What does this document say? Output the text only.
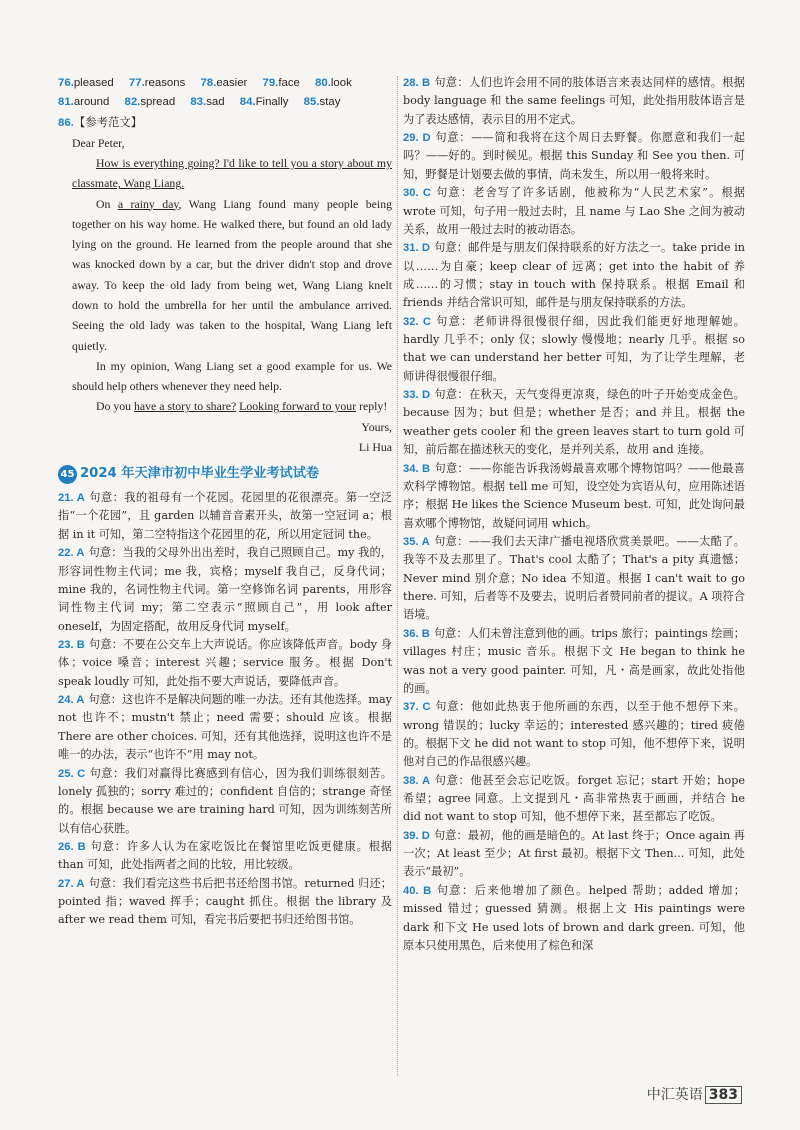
76.pleased 77.reasons 78.easier 79.face 80.look
81.around 82.spread 83.sad 84.Finally 85.stay
86.【参考范文】

Dear Peter,

How is everything going? I'd like to tell you a story about my classmate, Wang Liang.

On a rainy day, Wang Liang found many people being together on his way home. He walked there, but found an old lady lying on the ground. He learned from the people around that she was knocked down by a car, but the driver didn't stop and drove away. To keep the old lady from being wet, Wang Liang knelt down to hold the umbrella for her until the ambulance arrived. Seeing the old lady was taken to the hospital, Wang Liang left quietly.

In my opinion, Wang Liang set a good example for us. We should help others whenever they need help.

Do you have a story to share? Looking forward to your reply!

Yours,

Li Hua

45 2024 年天津市初中毕业生学业考试试卷
21. A 句意：我的祖母有一个花园。花园里的花很漂亮。第一空泛指“一个花园”，且 garden 以辅音音素开头，故第一空冠词 a；根据 in it 可知，第二空特指这个花园里的花，所以用定冠词 the。
22. A 句意：当我的父母外出出差时，我自己照顾自己。my 我的，形容词性物主代词；me 我，宾格；myself 我自己，反身代词；mine 我的，名词性物主代词。第一空修饰名词 parents，用形容词性物主代词 my；第二空表示“照顾自己”，用 look after oneself，为固定搭配，故用反身代词 myself。
23. B 句意：不要在公交车上大声说话。你应该降低声音。body 身体；voice 嗓音；interest 兴趣；service 服务。根据 Don't speak loudly 可知，此处指不要大声说话，要降低声音。
24. A 句意：这也许不是解决问题的唯一办法。还有其他选择。may not 也许不；mustn't 禁止；need 需要；should 应该。根据 There are other choices. 可知，还有其他选择，说明这也许不是唯一的办法，表示“也许不”用 may not。
25. C 句意：我们对赢得比赛感到有信心，因为我们训练很刻苦。lonely 孤独的；sorry 难过的；confident 自信的；strange 奇怪的。根据 because we are training hard 可知，因为训练刻苦所以有信心获胜。
26. B 句意：许多人认为在家吃饭比在餐馆里吃饭更健康。根据 than 可知，此处指两者之间的比较，用比较级。
27. A 句意：我们看完这些书后把书还给图书馆。returned 归还；pointed 指；waved 挥手；caught 抓住。根据 the library 及 after we read them 可知，看完书后要把书归还给图书馆。
28. B 句意：人们也许会用不同的肢体语言来表达同样的感情。根据 body language 和 the same feelings 可知，此处指用肢体语言是为了表达感情，表示目的用不定式。
29. D 句意：——简和我将在这个周日去野餐。你愿意和我们一起吗？——好的。到时候见。根据 this Sunday 和 See you then. 可知，野餐是计划要去做的事情，尚未发生，所以用一般将来时。
30. C 句意：老舍写了许多话剧，他被称为“人民艺术家”。根据 wrote 可知，句子用一般过去时，且 name 与 Lao She 之间为被动关系，故用一般过去时的被动语态。
31. D 句意：邮件是与朋友们保持联系的好方法之一。take pride in 以……为自豪；keep clear of 远离；get into the habit of 养成……的习惯；stay in touch with 保持联系。根据 Email 和 friends 并结合常识可知，邮件是与朋友保持联系的方法。
32. C 句意：老师讲得很慢很仔细，因此我们能更好地理解她。hardly 几乎不；only 仅；slowly 慢慢地；nearly 几乎。根据 so that we can understand her better 可知，为了让学生理解，老师讲得很慢很仔细。
33. D 句意：在秋天，天气变得更凉爽，绿色的叶子开始变成金色。because 因为；but 但是；whether 是否；and 并且。根据 the weather gets cooler 和 the green leaves start to turn gold 可知，前后都在描述秋天的变化，是并列关系，故用 and 连接。
34. B 句意：——你能告诉我汤姆最喜欢哪个博物馆吗？——他最喜欢科学博物馆。根据 tell me 可知，设空处为宾语从句，应用陈述语序；根据 He likes the Science Museum best. 可知，此处询问最喜欢哪个博物馆，故疑问词用 which。
35. A 句意：——我们去天津广播电视塔欣赏美景吧。——太酷了。我等不及去那里了。That's cool 太酷了；That's a pity 真遗憾；Never mind 别介意；No idea 不知道。根据 I can't wait to go there. 可知，后者等不及要去，说明后者赞同前者的提议。A 项符合语境。
36. B 句意：人们未曾注意到他的画。trips 旅行；paintings 绘画；villages 村庄；music 音乐。根据下文 He began to think he was not a very good painter. 可知，凡・高是画家，故此处指他的画。
37. C 句意：他如此热衷于他所画的东西，以至于他不想停下来。wrong 错误的；lucky 幸运的；interested 感兴趣的；tired 疲倦的。根据下文 he did not want to stop 可知，他不想停下来，说明他对自己的作品很感兴趣。
38. A 句意：他甚至会忘记吃饭。forget 忘记；start 开始；hope 希望；agree 同意。上文提到凡・高非常热衷于画画，并结合 he did not want to stop 可知，他不想停下来，甚至都忘了吃饭。
39. D 句意：最初，他的画是暗色的。At last 终于；Once again 再一次；At least 至少；At first 最初。根据下文 Then... 可知，此处表示“最初”。
40. B 句意：后来他增加了颜色。helped 帮助；added 增加；missed 错过；guessed 猜测。根据上文 His paintings were dark 和下文 He used lots of brown and dark green. 可知，他原本只使用黑色，后来使用了棕色和深
中汇英语 383
